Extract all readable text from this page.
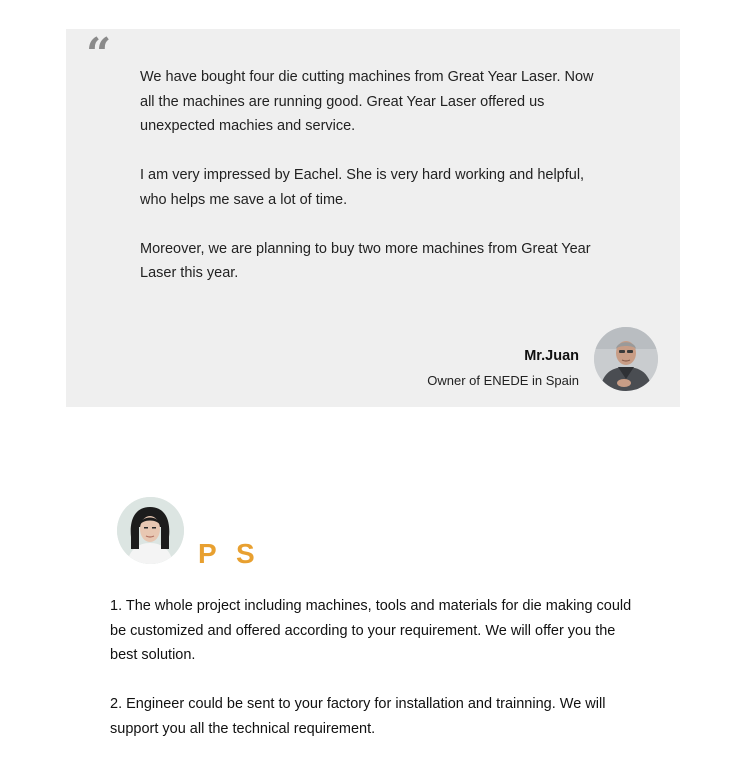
“ We have bought four die cutting machines from Great Year Laser. Now all the machines are running good. Great Year Laser offered us unexpected machies and service.

I am very impressed by Eachel. She is very hard working and helpful, who helps me save a lot of time.

Moreover, we are planning to buy two more machines from Great Year Laser this year.

Mr.Juan
Owner of ENEDE in Spain
P S

1. The whole project including machines, tools and materials for die making could be customized and offered according to your requirement. We will offer you the best solution.

2. Engineer could be sent to your factory for installation and trainning. We will support you all the technical requirement.
